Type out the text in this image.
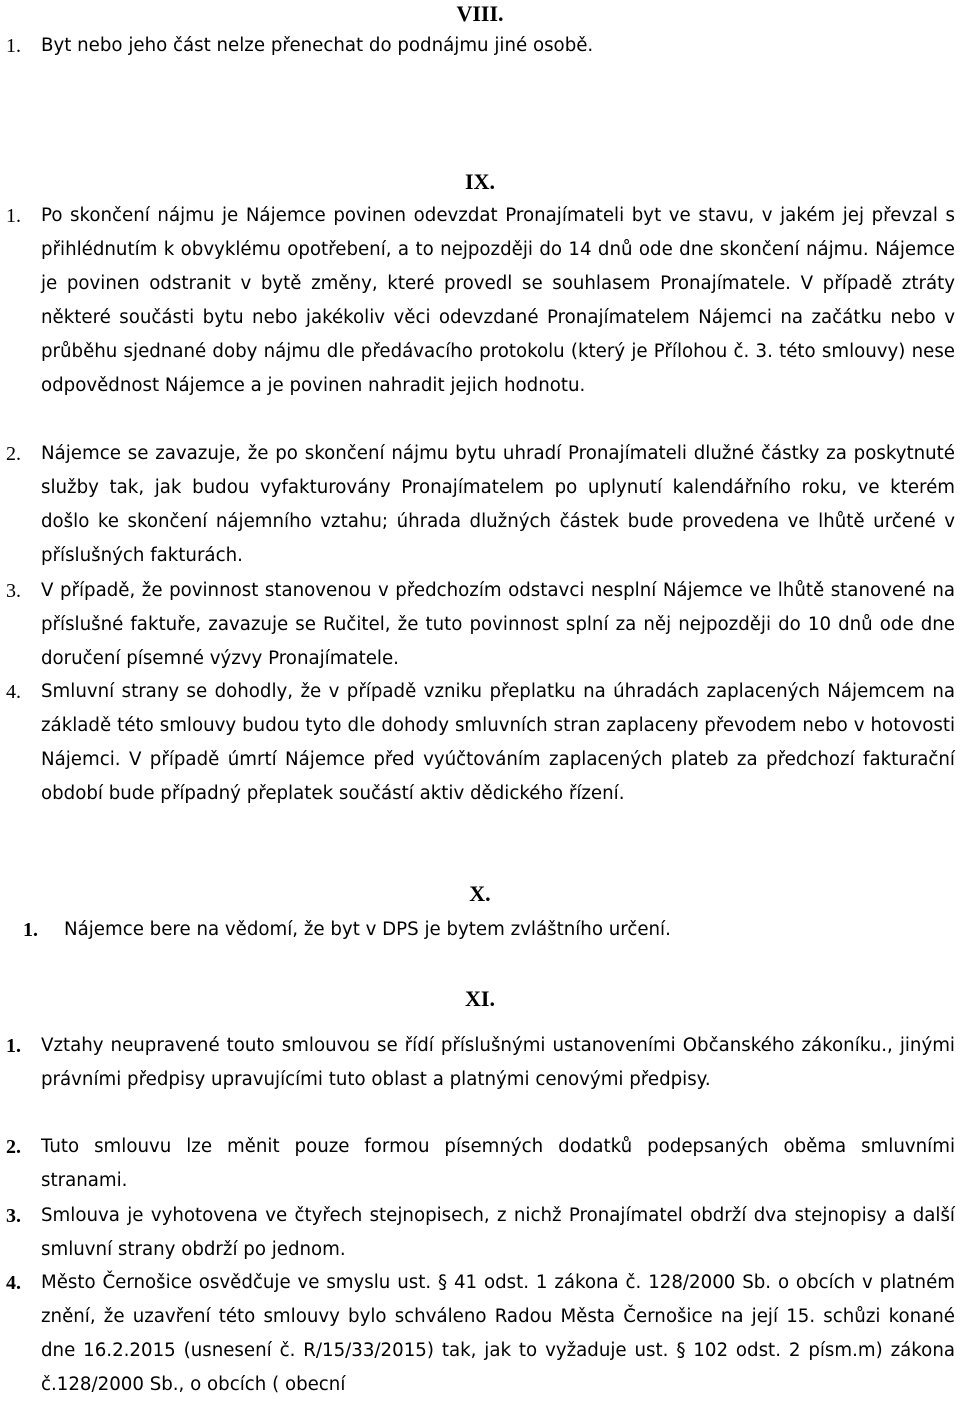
VIII.
1. Byt nebo jeho část nelze přenechat do podnájmu jiné osobě.
IX.
1. Po skončení nájmu je Nájemce povinen odevzdat Pronajímateli byt ve stavu, v jakém jej převzal s přihlédnutím k obvyklému opotřebení, a to nejpozději do 14 dnů ode dne skončení nájmu. Nájemce je povinen odstranit v bytě změny, které provedl se souhlasem Pronajímatele. V případě ztráty některé součásti bytu nebo jakékoliv věci odevzdané Pronajímatelem Nájemci na začátku nebo v průběhu sjednané doby nájmu dle předávacího protokolu (který je Přílohou č. 3. této smlouvy) nese odpovědnost Nájemce a je povinen nahradit jejich hodnotu.
2. Nájemce se zavazuje, že po skončení nájmu bytu uhradí Pronajímateli dlužné částky za poskytnuté služby tak, jak budou vyfakturovány Pronajímatelem po uplynutí kalendářního roku, ve kterém došlo ke skončení nájemního vztahu; úhrada dlužných částek bude provedena ve lhůtě určené v příslušných fakturách.
3. V případě, že povinnost stanovenou v předchozím odstavci nesplní Nájemce ve lhůtě stanovené na příslušné faktuře, zavazuje se Ručitel, že tuto povinnost splní za něj nejpozději do 10 dnů ode dne doručení písemné výzvy Pronajímatele.
4. Smluvní strany se dohodly, že v případě vzniku přeplatku na úhradách zaplacených Nájemcem na základě této smlouvy budou tyto dle dohody smluvních stran zaplaceny převodem nebo v hotovosti Nájemci. V případě úmrtí Nájemce před vyúčtováním zaplacených plateb za předchozí fakturační období bude případný přeplatek součástí aktiv dědického řízení.
X.
1. Nájemce bere na vědomí, že byt v DPS je bytem zvláštního určení.
XI.
1. Vztahy neupravené touto smlouvou se řídí příslušnými ustanoveními Občanského zákoníku., jinými právními předpisy upravujícími tuto oblast a platnými cenovými předpisy.
2. Tuto smlouvu lze měnit pouze formou písemných dodatků podepsaných oběma smluvními stranami.
3. Smlouva je vyhotovena ve čtyřech stejnopisech, z nichž Pronajímatel obdrží dva stejnopisy a další smluvní strany obdrží po jednom.
4. Město Černošice osvědčuje ve smyslu ust. § 41 odst. 1 zákona č. 128/2000 Sb. o obcích v platném znění, že uzavření této smlouvy bylo schváleno Radou Města Černošice na její 15. schůzi konané dne 16.2.2015 (usnesení č. R/15/33/2015) tak, jak to vyžaduje ust. § 102 odst. 2 písm.m) zákona č.128/2000 Sb., o obcích ( obecní
